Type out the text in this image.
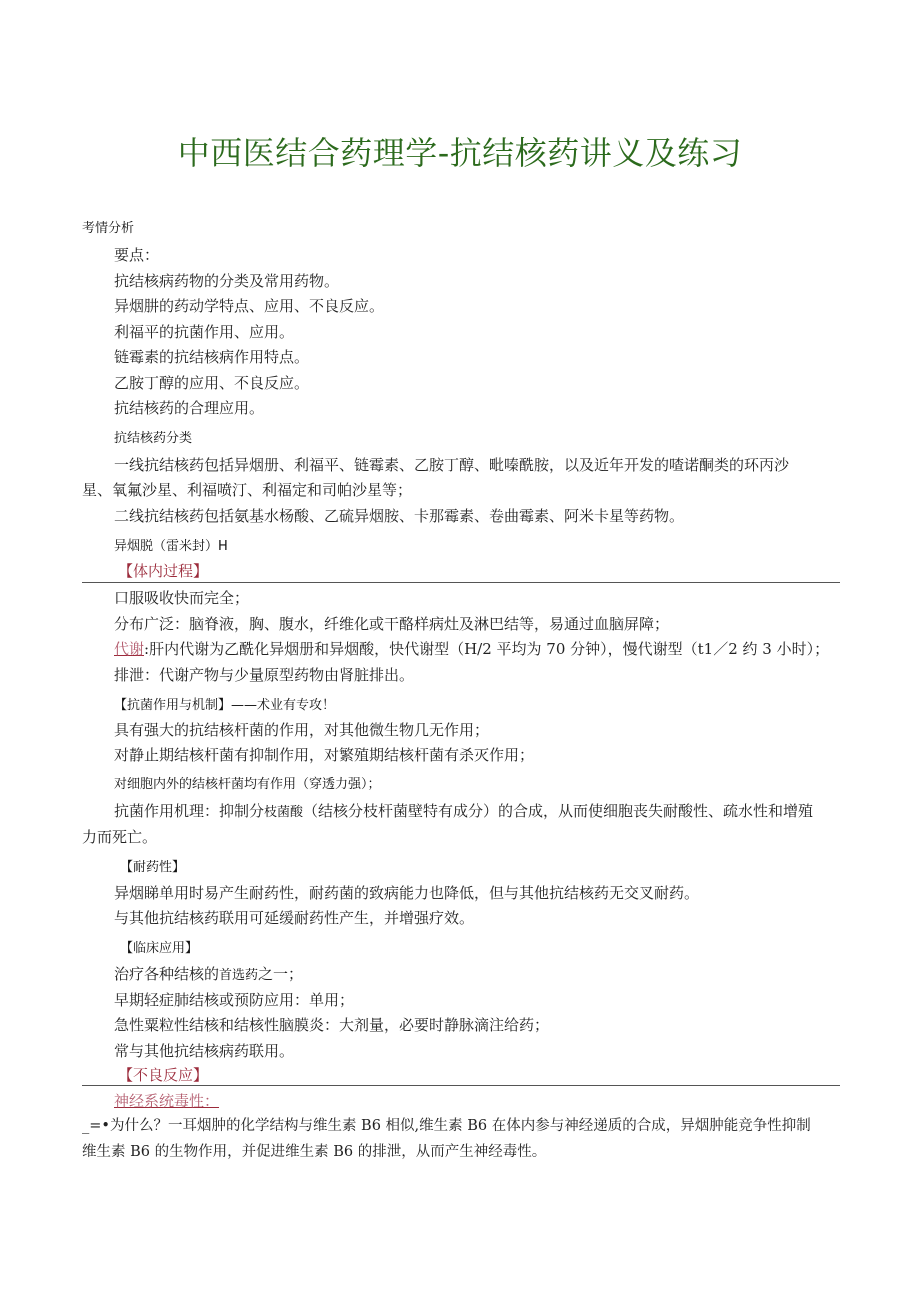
中西医结合药理学-抗结核药讲义及练习
考情分析
要点：
抗结核病药物的分类及常用药物。
异烟肼的药动学特点、应用、不良反应。
利福平的抗菌作用、应用。
链霉素的抗结核病作用特点。
乙胺丁醇的应用、不良反应。
抗结核药的合理应用。
抗结核药分类
一线抗结核药包括异烟册、利福平、链霉素、乙胺丁醇、毗嗪酰胺，以及近年开发的喳诺酮类的环丙沙
星、氧氟沙星、利福喷汀、利福定和司帕沙星等；
二线抗结核药包括氨基水杨酸、乙硫异烟胺、卡那霉素、卷曲霉素、阿米卡星等药物。
异烟脱（雷米封）H
【体内过程】
口服吸收快而完全；
分布广泛：脑脊液，胸、腹水，纤维化或干酪样病灶及淋巴结等，易通过血脑屏障；
代谢:肝内代谢为乙酰化异烟册和异烟酸，快代谢型（H/2 平均为 70 分钟），慢代谢型（t1／2 约 3 小时）；
排泄：代谢产物与少量原型药物由肾脏排出。
【抗菌作用与机制】——术业有专攻！
具有强大的抗结核杆菌的作用，对其他微生物几无作用；
对静止期结核杆菌有抑制作用，对繁殖期结核杆菌有杀灭作用；
对细胞内外的结核杆菌均有作用（穿透力强）；
抗菌作用机理：抑制分枝菌酸（结核分枝杆菌壁特有成分）的合成，从而使细胞丧失耐酸性、疏水性和增殖
力而死亡。
【耐药性】
异烟睇单用时易产生耐药性，耐药菌的致病能力也降低，但与其他抗结核药无交叉耐药。
与其他抗结核药联用可延缓耐药性产生，并增强疗效。
【临床应用】
治疗各种结核的首选药之一；
早期轻症肺结核或预防应用：单用；
急性粟粒性结核和结核性脑膜炎：大剂量，必要时静脉滴注给药；
常与其他抗结核病药联用。
【不良反应】
神经系统毒性：
_=•为什么？一耳烟肿的化学结构与维生素 B6 相似,维生素 B6 在体内参与神经递质的合成，异烟肿能竞争性抑制
维生素 B6 的生物作用，并促进维生素 B6 的排泄，从而产生神经毒性。
